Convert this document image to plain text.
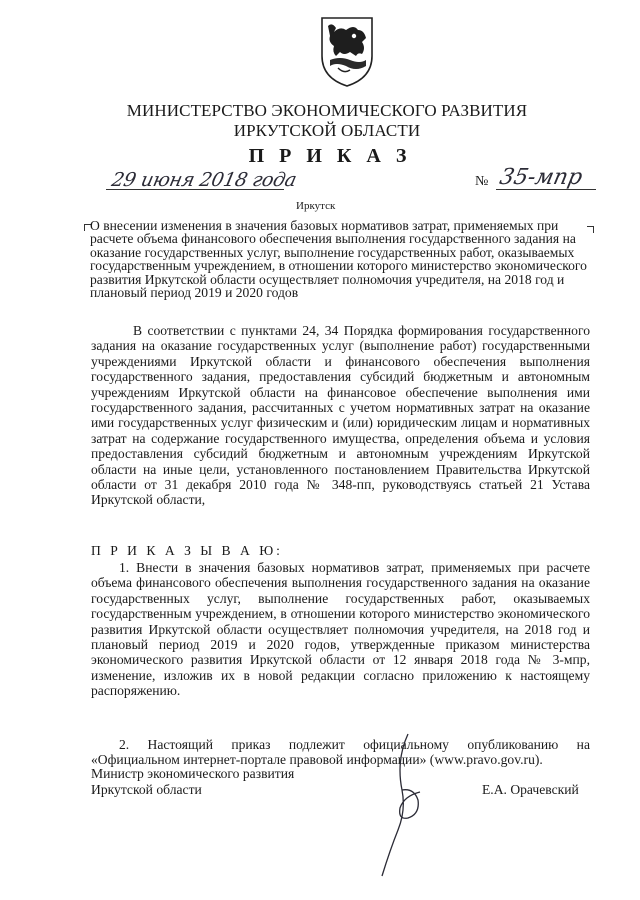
МИНИСТЕРСТВО ЭКОНОМИЧЕСКОГО РАЗВИТИЯ
ИРКУТСКОЙ ОБЛАСТИ
П Р И К А З
29 июня 2018 года	№ 35-мпр
Иркутск
О внесении изменения в значения базовых нормативов затрат, применяемых при расчете объема финансового обеспечения выполнения государственного задания на оказание государственных услуг, выполнение государственных работ, оказываемых государственным учреждением, в отношении которого министерство экономического развития Иркутской области осуществляет полномочия учредителя, на 2018 год и плановый период 2019 и 2020 годов
В соответствии с пунктами 24, 34 Порядка формирования государственного задания на оказание государственных услуг (выполнение работ) государственными учреждениями Иркутской области и финансового обеспечения выполнения государственного задания, предоставления субсидий бюджетным и автономным учреждениям Иркутской области на финансовое обеспечение выполнения ими государственного задания, рассчитанных с учетом нормативных затрат на оказание ими государственных услуг физическим и (или) юридическим лицам и нормативных затрат на содержание государственного имущества, определения объема и условия предоставления субсидий бюджетным и автономным учреждениям Иркутской области на иные цели, установленного постановлением Правительства Иркутской области от 31 декабря 2010 года № 348-пп, руководствуясь статьей 21 Устава Иркутской области,
П Р И К А З Ы В А Ю:
1. Внести в значения базовых нормативов затрат, применяемых при расчете объема финансового обеспечения выполнения государственного задания на оказание государственных услуг, выполнение государственных работ, оказываемых государственным учреждением, в отношении которого министерство экономического развития Иркутской области осуществляет полномочия учредителя, на 2018 год и плановый период 2019 и 2020 годов, утвержденные приказом министерства экономического развития Иркутской области от 12 января 2018 года № 3-мпр, изменение, изложив их в новой редакции согласно приложению к настоящему распоряжению.
2. Настоящий приказ подлежит официальному опубликованию на «Официальном интернет-портале правовой информации» (www.pravo.gov.ru).
Министр экономического развития
Иркутской области	Е.А. Орачевский
